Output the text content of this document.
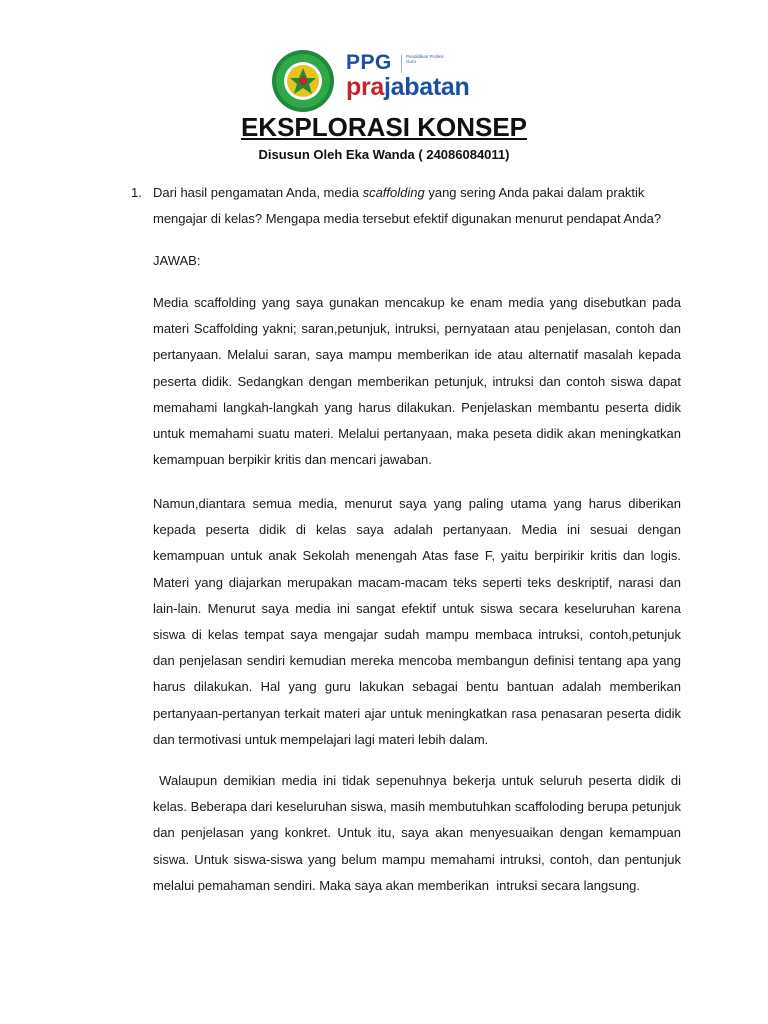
PPG	Pendidikan Profesi Guru
prajabatan
EKSPLORASI KONSEP
Disusun Oleh Eka Wanda ( 24086084011)
1. Dari hasil pengamatan Anda, media scaffolding yang sering Anda pakai dalam praktik mengajar di kelas? Mengapa media tersebut efektif digunakan menurut pendapat Anda?
JAWAB:
Media scaffolding yang saya gunakan mencakup ke enam media yang disebutkan pada materi Scaffolding yakni; saran,petunjuk, intruksi, pernyataan atau penjelasan, contoh dan pertanyaan. Melalui saran, saya mampu memberikan ide atau alternatif masalah kepada peserta didik. Sedangkan dengan memberikan petunjuk, intruksi dan contoh siswa dapat memahami langkah-langkah yang harus dilakukan. Penjelaskan membantu peserta didik untuk memahami suatu materi. Melalui pertanyaan, maka peseta didik akan meningkatkan kemampuan berpikir kritis dan mencari jawaban.
Namun,diantara semua media, menurut saya yang paling utama yang harus diberikan kepada peserta didik di kelas saya adalah pertanyaan. Media ini sesuai dengan kemampuan untuk anak Sekolah menengah Atas fase F, yaitu berpirikir kritis dan logis. Materi yang diajarkan merupakan macam-macam teks seperti teks deskriptif, narasi dan lain-lain. Menurut saya media ini sangat efektif untuk siswa secara keseluruhan karena siswa di kelas tempat saya mengajar sudah mampu membaca intruksi, contoh,petunjuk dan penjelasan sendiri kemudian mereka mencoba membangun definisi tentang apa yang harus dilakukan. Hal yang guru lakukan sebagai bentu bantuan adalah memberikan pertanyaan-pertanyan terkait materi ajar untuk meningkatkan rasa penasaran peserta didik dan termotivasi untuk mempelajari lagi materi lebih dalam.
Walaupun demikian media ini tidak sepenuhnya bekerja untuk seluruh peserta didik di kelas. Beberapa dari keseluruhan siswa, masih membutuhkan scaffoloding berupa petunjuk dan penjelasan yang konkret. Untuk itu, saya akan menyesuaikan dengan kemampuan siswa. Untuk siswa-siswa yang belum mampu memahami intruksi, contoh, dan pentunjuk melalui pemahaman sendiri. Maka saya akan memberikan  intruksi secara langsung.
